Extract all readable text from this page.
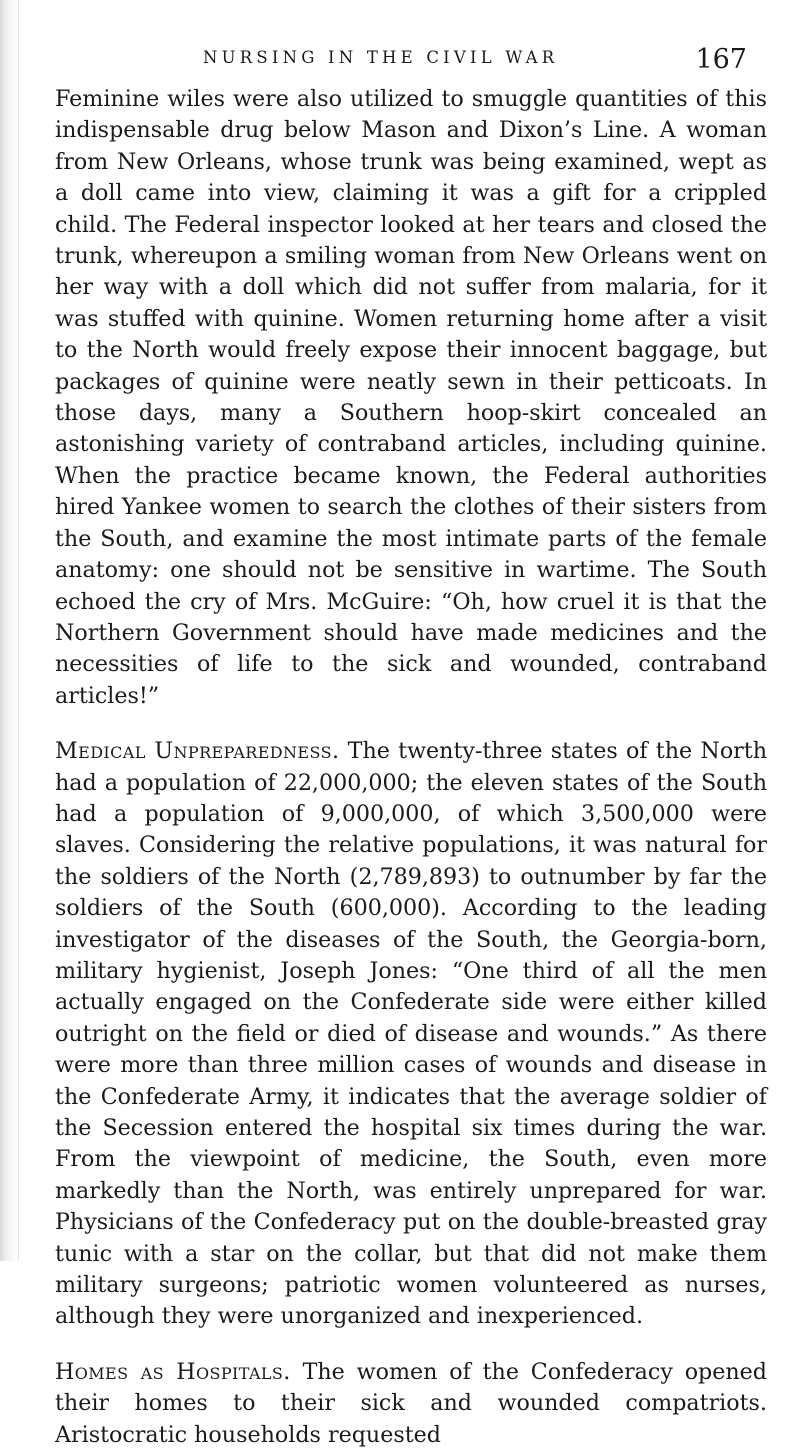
NURSING IN THE CIVIL WAR	167

Feminine wiles were also utilized to smuggle quantities of this indispensable drug below Mason and Dixon’s Line. A woman from New Orleans, whose trunk was being examined, wept as a doll came into view, claiming it was a gift for a crippled child. The Federal inspector looked at her tears and closed the trunk, whereupon a smiling woman from New Orleans went on her way with a doll which did not suffer from malaria, for it was stuffed with quinine. Women returning home after a visit to the North would freely expose their innocent baggage, but packages of quinine were neatly sewn in their petticoats. In those days, many a Southern hoop-skirt concealed an astonishing variety of contraband articles, including quinine. When the practice became known, the Federal authorities hired Yankee women to search the clothes of their sisters from the South, and examine the most intimate parts of the female anatomy: one should not be sensitive in wartime. The South echoed the cry of Mrs. McGuire: “Oh, how cruel it is that the Northern Government should have made medicines and the necessities of life to the sick and wounded, contraband articles!”

Medical Unpreparedness. The twenty-three states of the North had a population of 22,000,000; the eleven states of the South had a population of 9,000,000, of which 3,500,000 were slaves. Considering the relative populations, it was natural for the soldiers of the North (2,789,893) to outnumber by far the soldiers of the South (600,000). According to the leading investigator of the diseases of the South, the Georgia-born, military hygienist, Joseph Jones: “One third of all the men actually engaged on the Confederate side were either killed outright on the field or died of disease and wounds.” As there were more than three million cases of wounds and disease in the Confederate Army, it indicates that the average soldier of the Secession entered the hospital six times during the war. From the viewpoint of medicine, the South, even more markedly than the North, was entirely unprepared for war. Physicians of the Confederacy put on the double-breasted gray tunic with a star on the collar, but that did not make them military surgeons; patriotic women volunteered as nurses, although they were unorganized and inexperienced.

Homes as Hospitals. The women of the Confederacy opened their homes to their sick and wounded compatriots. Aristocratic households requested
